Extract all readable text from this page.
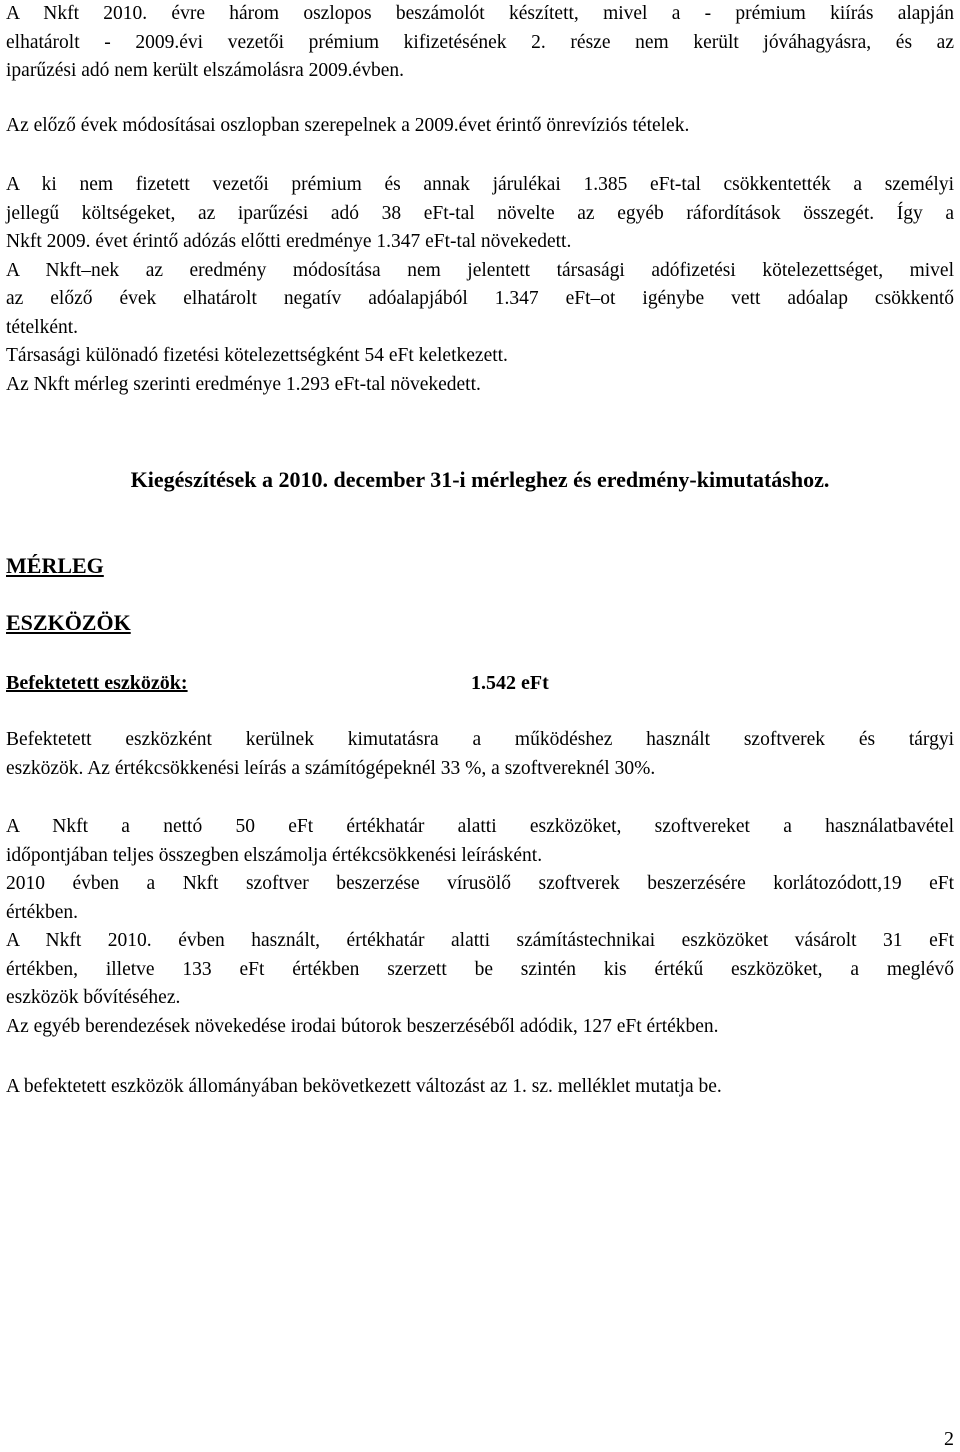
A Nkft 2010. évre három oszlopos beszámolót készített, mivel a - prémium kiírás alapján
elhatárolt - 2009.évi vezetői prémium kifizetésének 2. része nem került jóváhagyásra, és az
iparűzési adó nem került elszámolásra 2009.évben.
Az előző évek módosításai oszlopban szerepelnek a 2009.évet érintő önrevíziós tételek.
A ki nem fizetett vezetői prémium és annak járulékai 1.385 eFt-tal csökkentették a személyi
jellegű költségeket, az iparűzési adó 38 eFt-tal növelte az egyéb ráfordítások összegét. Így a
Nkft 2009. évet érintő adózás előtti eredménye 1.347 eFt-tal növekedett.
A Nkft–nek az eredmény módosítása nem jelentett társasági adófizetési kötelezettséget, mivel
az előző évek elhatárolt negatív adóalapjából 1.347 eFt–ot igénybe vett adóalap csökkentő
tételként.
Társasági különadó fizetési kötelezettségként 54 eFt keletkezett.
Az Nkft mérleg szerinti eredménye 1.293 eFt-tal növekedett.
Kiegészítések a 2010. december 31-i mérleghez és eredmény-kimutatáshoz.
MÉRLEG
ESZKÖZÖK
Befektetett eszközök:	1.542 eFt
Befektetett eszközként kerülnek kimutatásra a működéshez használt szoftverek és tárgyi
eszközök. Az értékcsökkenési leírás a számítógépeknél 33 %, a szoftvereknél 30%.
A Nkft a nettó 50 eFt értékhatár alatti eszközöket, szoftvereket a használatbavétel
időpontjában teljes összegben elszámolja értékcsökkenési leírásként.
2010 évben a Nkft szoftver beszerzése vírusölő szoftverek beszerzésére korlátozódott,19 eFt
értékben.
A Nkft 2010. évben használt, értékhatár alatti számítástechnikai eszközöket vásárolt 31 eFt
értékben, illetve 133 eFt értékben szerzett be szintén kis értékű eszközöket, a meglévő
eszközök bővítéséhez.
Az egyéb berendezések növekedése irodai bútorok beszerzéséből adódik, 127 eFt értékben.
A befektetett eszközök állományában bekövetkezett változást az 1. sz. melléklet mutatja be.
2
